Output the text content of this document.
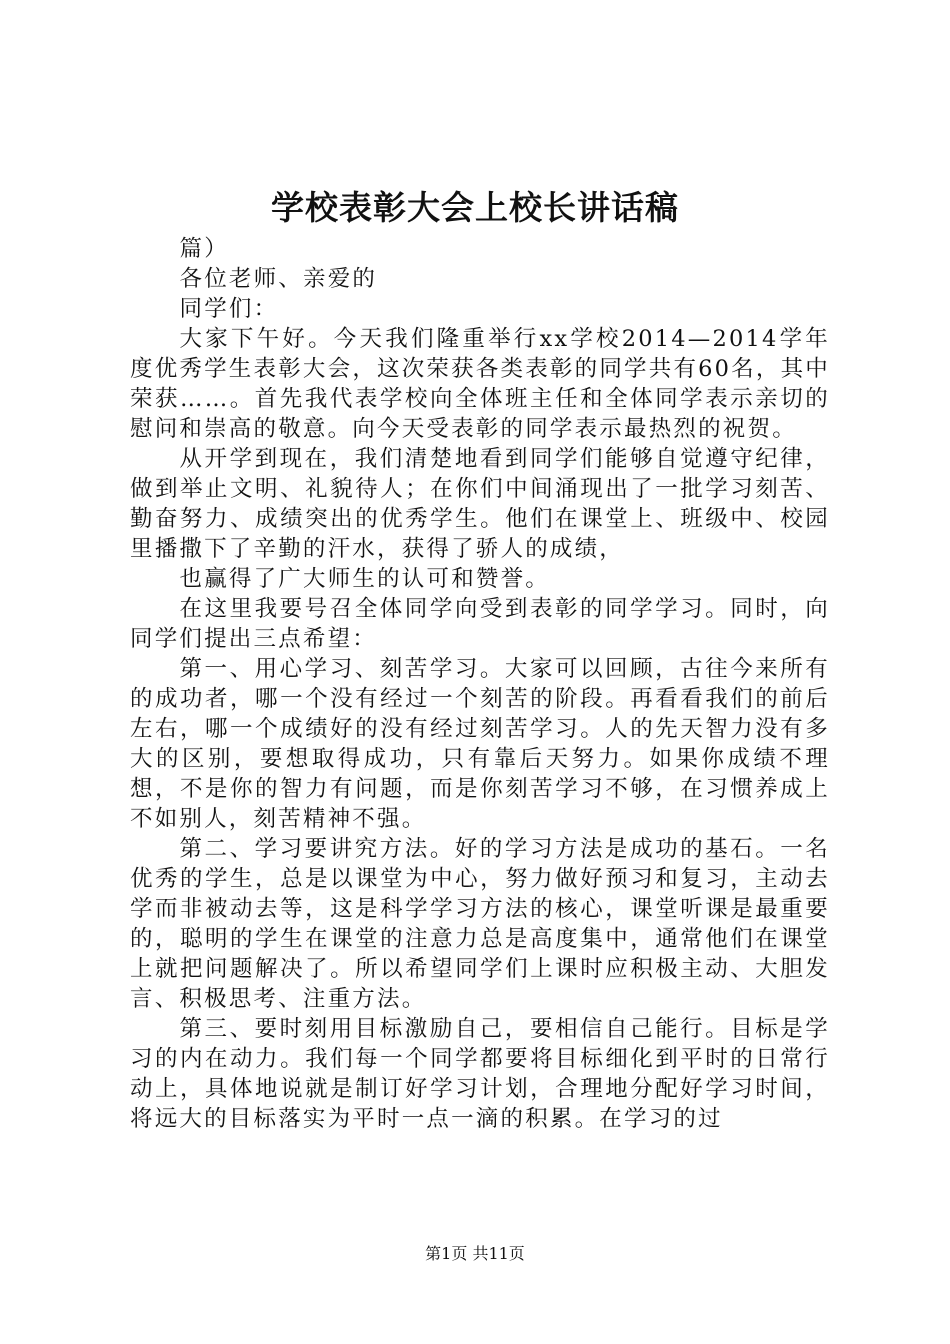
学校表彰大会上校长讲话稿

篇）

各位老师、亲爱的

同学们：

大家下午好。今天我们隆重举行xx学校2014—2014学年度优秀学生表彰大会，这次荣获各类表彰的同学共有60名，其中荣获……。首先我代表学校向全体班主任和全体同学表示亲切的慰问和崇高的敬意。向今天受表彰的同学表示最热烈的祝贺。

从开学到现在，我们清楚地看到同学们能够自觉遵守纪律，做到举止文明、礼貌待人；在你们中间涌现出了一批学习刻苦、勤奋努力、成绩突出的优秀学生。他们在课堂上、班级中、校园里播撒下了辛勤的汗水，获得了骄人的成绩，

也赢得了广大师生的认可和赞誉。

在这里我要号召全体同学向受到表彰的同学学习。同时，向同学们提出三点希望：

第一、用心学习、刻苦学习。大家可以回顾，古往今来所有的成功者，哪一个没有经过一个刻苦的阶段。再看看我们的前后左右，哪一个成绩好的没有经过刻苦学习。人的先天智力没有多大的区别，要想取得成功，只有靠后天努力。如果你成绩不理想，不是你的智力有问题，而是你刻苦学习不够，在习惯养成上不如别人，刻苦精神不强。

第二、学习要讲究方法。好的学习方法是成功的基石。一名优秀的学生，总是以课堂为中心，努力做好预习和复习，主动去学而非被动去等，这是科学学习方法的核心，课堂听课是最重要的，聪明的学生在课堂的注意力总是高度集中，通常他们在课堂上就把问题解决了。所以希望同学们上课时应积极主动、大胆发言、积极思考、注重方法。

第三、要时刻用目标激励自己，要相信自己能行。目标是学习的内在动力。我们每一个同学都要将目标细化到平时的日常行动上，具体地说就是制订好学习计划，合理地分配好学习时间，将远大的目标落实为平时一点一滴的积累。在学习的过

第1页 共11页
